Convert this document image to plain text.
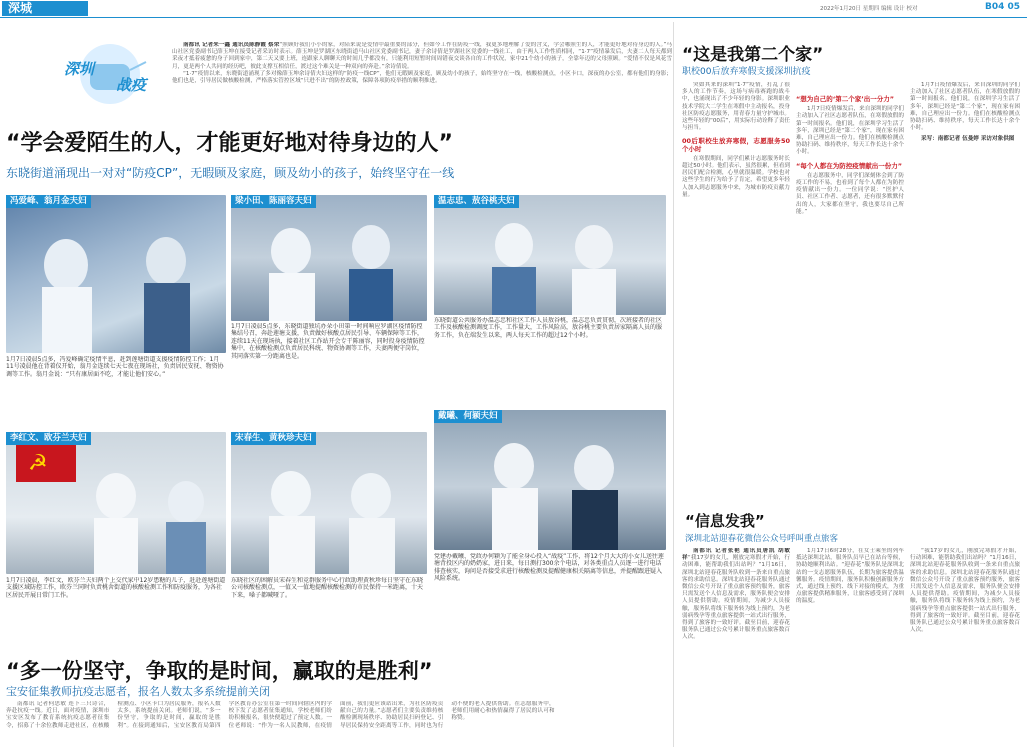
深城	2022年1月20日 星期四 编辑 设计 校对	B04 05
深圳
战疫

南都讯 记者朱一鑫 通讯员陈静霞 蔡荣“照顾好我们小小的家，对陪来说是爱情中最重要的部分，但如今工作在防疫一线，我更多地理解了爱的含义，学会哪照生的人，才能更好地对待身边的人。”马山社区党委副书记薛玉坤在接受记者采访时表示。薛玉坤是罗湖区东晓街道马山社区党委副书记，妻子余诗倩是罗湖社区党委的一线社工，由于两人工作性质相同，“1·7”疫情暴发后，夫妻二人每天都到采夜才抵着疲惫的身子回到家中，第二天又要上班，连跟家人聊聊天的时间几乎都没有，只能利用短暂时间周错夜交谈各自的工作状况，家中21个幼小的孩子，全靠年迈的父母照顾。“爱情不仅是风花雪月，更是两个人共同的经历吧，彼此支撑互相信任，渡过这个难关是一种双向的奔赴。”余诗倩说。

“1·7”疫情以来，东晓街道涌现了多对像薛玉坤余诗倩夫妇这样的“防疫一线CP”，他们无暇顾及家庭，顾及幼小的孩子，始终坚守在一线，核酸检测点，小区卡口，深夜的办公室，都有他们的身影；他们也是，引导居民做核酸检测，严格落实管控区域“只进不出”的防控政策，保障各项防疫举措的顺利推进。

“学会爱陌生的人，才能更好地对待身边的人”
东晓街道涌现出一对对“防疫CP”，无暇顾及家庭，顾及幼小的孩子，始终坚守在一线
冯爱峰、翁月金夫妇
1月7日凌晨5点多，冯爱峰确定疫情平息，赶到莲塘街道支援疫情防控工作；1月11号凌晨他在背着仪开始，翁月金连续七天七夜在现场社，负责居民安抚、物资协调等工作。翁月金说：“只有康居面不吃，才能让他们安心。”
梁小田、陈丽容夫妇
1月7日凌晨5点多，东晓街道独坑办朵小田第一时间响应罗湖区疫情防控集结号召，奔赴莲塘支援，负责做好核酸点居民引导、车辆保障等工作，连续11天在现场执，接着社区工作站开会专干陈丽容，同时投身疫情防控集中，在核酸检测点负责居民科统、物资协调等工作，夫妻两便守岗位，其同落实第一分距离也是。
温志忠、敖谷桃夫妇
东晓街道公共服务办温志忠和社区工作人员敖谷桃，温志忠负责贯彻，次班接者的社区工作及核酸检测调度工作，工作量大，工作风险高，敖谷桃主要负责居家隔离人员的服务工作，负在端发生以来，两人每天工作的超过12个小时。
☭
李红文、欧芬兰夫妇
1月7日凌晨，李红文，欧芬兰夫妇两个上交代家中12岁患糖的儿子，赶赴莲塘街道支援区域防控工作，欧芬兰同时负责桃舍街道的核酸检测工作和防疫服务，为各社区居民开展日常门工作。
宋春生、黄秋珍夫妇
东晓社区的困解员宋春生和竞群服务中心行政助理黄秋珍每日坚守在东晓公司核酸检测点，一值又一值地提醒核酸检测的市民保持一米距离，十天下来，嗓子都喊哑了。
戴曦、何颖夫妇
党建办戴曦、党政办何颖为了能全身心投入“战疫”工作，将12个月大大的小女儿送往莲塘背投区内的奶奶家，进日来，每日测打300余个电话，对各类重点人员逐一进行电话排查核实，询问是否接受求进行核酸检测及提醒健康相关隔离等信息，并提醒跟进疑入风险系统。
“多一份坚守，争取的是时间，赢取的是胜利”
宝安征集教师抗疫志愿者，报名人数太多系统提前关闭

南都讯 记者何思敏 连下三只诗合，奔赴抗疫一线。近日，面对疫情，深圳市宝安区发布了教育系统抗疫志愿者征集令，招募了十余位教师走进社区，在核酸检测点、小区卡口为居民服务，报名人数太多，系统提前关闭。老师们说，“多一份坚守，争取的是时间，赢取的是胜利”。在接到通知后，宝安区教育局第四学区教育办公室在第一时间向辖区内的学校下发了志愿者征集通知，学校老师们纷纷积极报名，很快便超过了预定人数。一位老师说：“作为一名人民教师，在疫情面前，我们更应该站出来，为社区防疫贡献自己的力量。”志愿者们主要负责维持核酸检测现场秩序、协助居民扫码登记、引导居民保持安全距离等工作，同时也为行动不便的老人提供帮助。在志愿服务中，老师们用耐心和热情赢得了居民的认可和称赞。

“这是我第二个家”
职校00后放弃寒假支援深圳抗疫

突如其来的深圳“1·7”疫情，打乱了很多人的工作节奏，这场与病毒赛跑的战斗中，也涌现出了不少年轻的身影。深圳职业技术学院大二学生在寒假中主动报名，投身社区防疫志愿服务，用青春力量守护城市。这些年轻的“00后”，用实际行动诠释了责任与担当。

00后职校生放弃寒假，志愿服务50个小时

在寒假期间，同学们累计志愿服务时长超过50小时。他们表示，虽然很累，但看到居民们配合检测，心里就很温暖。学校也对这些学生的行为给予了肯定，希望更多年轻人加入到志愿服务中来，为城市防疫贡献力量。

“想为自己的‘第二个家’出一分力”

1月7日疫情爆发后，来自深圳的同学们主动加入了社区志愿者队伍，在寒假放假的第一时间报名。他们说，在深圳学习生活了多年，深圳已经是“第二个家”，现在家有困难，自己理应出一份力。他们在核酸检测点协助扫码、维持秩序，每天工作长达十余个小时。

“每个人都在为防控疫情献出一份力”

在志愿服务中，同学们深刻体会到了防疫工作的不易，也看到了每个人都在为防控疫情献出一份力。一位同学说：“医护人员、社区工作者、志愿者，还有很多默默付出的人，大家都在坚守，我也要尽自己所能。”

1月7日疫情爆发后，来自深圳的同学们主动加入了社区志愿者队伍，在寒假放假的第一时间报名。他们说，在深圳学习生活了多年，深圳已经是“第二个家”，现在家有困难，自己理应出一份力。他们在核酸检测点协助扫码、维持秩序，每天工作长达十余个小时。

采写：南都记者 伍曼婷 采访对象供图

“信息发我”
深圳北站迎春花微信公众号呼叫重点旅客

南都讯 记者张艳 通讯员唐凯 胡敏祥“我17岁的女儿，刚放完寒假才开始，行动困难，能帮助我们出站吗？”1月16日，深圳北站迎春花服务队收到一条来自重点旅客的求助信息。深圳北站迎春花服务队通过微信公众号开设了重点旅客预约服务，旅客只需发送个人信息及需求，服务队便会安排人员提供帮助。疫情期间，为减少人员接触，服务队将线下服务转为线上预约，为老弱病残孕等重点旅客提供一站式出行服务，得到了旅客的一致好评。截至目前，迎春花服务队已通过公众号累计服务重点旅客数百人次。

1月17日6时28分，在女士乘坐的列车抵达深圳北站，服务队员早已在站台等候，协助她顺利出站。“迎春花”服务队是深圳北站的一支志愿服务队伍，长期为旅客提供温馨服务。疫情期间，服务队积极创新服务方式，通过线上预约、线下对接的模式，为重点旅客提供精准服务，让旅客感受到了深圳的温度。

“我17岁的女儿，刚放完寒假才开始，行动困难，能帮助我们出站吗？”1月16日，深圳北站迎春花服务队收到一条来自重点旅客的求助信息。深圳北站迎春花服务队通过微信公众号开设了重点旅客预约服务，旅客只需发送个人信息及需求，服务队便会安排人员提供帮助。疫情期间，为减少人员接触，服务队将线下服务转为线上预约，为老弱病残孕等重点旅客提供一站式出行服务，得到了旅客的一致好评。截至目前，迎春花服务队已通过公众号累计服务重点旅客数百人次。
